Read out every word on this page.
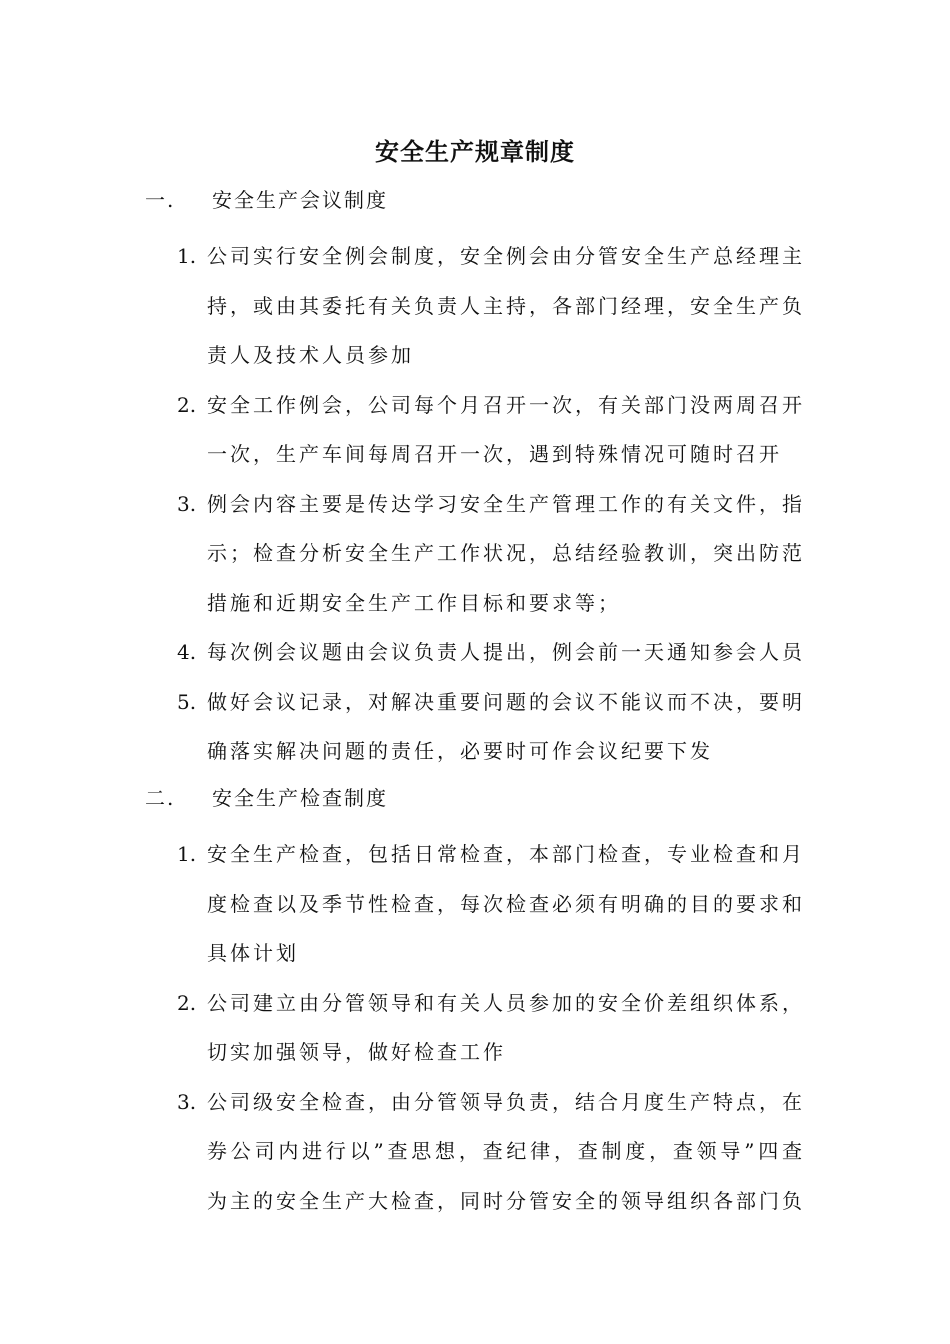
安全生产规章制度
一. 安全生产会议制度
1. 公司实行安全例会制度，安全例会由分管安全生产总经理主持，或由其委托有关负责人主持，各部门经理，安全生产负责人及技术人员参加
2. 安全工作例会，公司每个月召开一次，有关部门没两周召开一次，生产车间每周召开一次，遇到特殊情况可随时召开
3. 例会内容主要是传达学习安全生产管理工作的有关文件，指示；检查分析安全生产工作状况，总结经验教训，突出防范措施和近期安全生产工作目标和要求等；
4. 每次例会议题由会议负责人提出，例会前一天通知参会人员
5. 做好会议记录，对解决重要问题的会议不能议而不决，要明确落实解决问题的责任，必要时可作会议纪要下发
二. 安全生产检查制度
1. 安全生产检查，包括日常检查，本部门检查，专业检查和月度检查以及季节性检查，每次检查必须有明确的目的要求和具体计划
2. 公司建立由分管领导和有关人员参加的安全价差组织体系，切实加强领导，做好检查工作
3. 公司级安全检查，由分管领导负责，结合月度生产特点，在券公司内进行以”查思想，查纪律，查制度，查领导”四查为主的安全生产大检查，同时分管安全的领导组织各部门负
